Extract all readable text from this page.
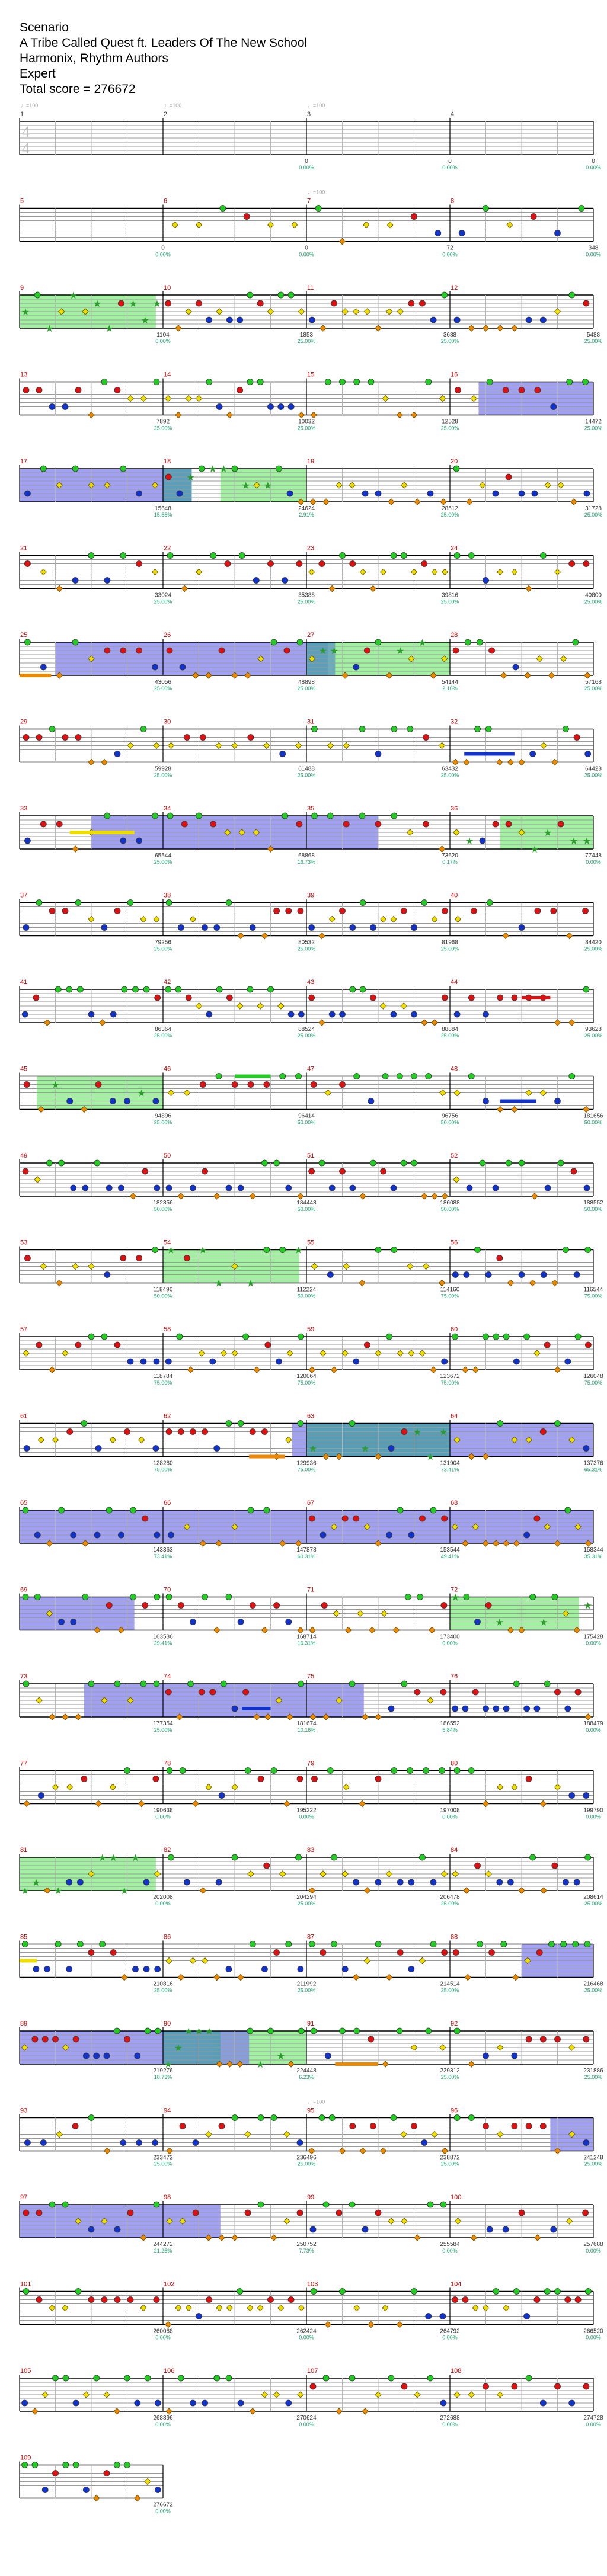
Scenario
A Tribe Called Quest ft. Leaders Of The New School
Harmonix, Rhythm Authors
Expert
Total score = 276672
★
★
★
★
★
★
★
★
★
★ ★
★ ★
★ ★	★
★
★
★
★
★ ★
★
★
★ ★
★ ★
★
★	★
★
★
★
★
★	★
★
★
★
★
★ ★
★
★
★
★
★ ★ ★
★
★
1	2
0
0.00%
3
0
0.00%
4
0
0.00%
5
0
0.00%
6
0
0.00%
7
72
0.00%
8
348
0.00%
9
1104
0.00%
10
1853
25.00%
11
3688
25.00%
12
5488
25.00%
13
7892
25.00%
14
10032
25.00%
15
12528
25.00%
16
14472
25.00%
17
15648
15.55%
18
24624
2.91%
19
28512
25.00%
20
31728
25.00%
21
33024
25.00%
22
35388
25.00%
23
39816
25.00%
24
40800
25.00%
25
43056
25.00%
26
48898
25.00%
27
54144
2.16%
28
57168
25.00%
29
59928
25.00%
30
61488
25.00%
31
63432
25.00%
32
64428
25.00%
33
65544
25.00%
34
68868
16.73%
35
73620
0.17%
36
77448
0.00%
37
79256
25.00%
38
80532
25.00%
39
81968
25.00%
40
84420
25.00%
41
86364
25.00%
42
88524
25.00%
43
88884
25.00%
44
93628
25.00%
45
94896
25.00%
46
96414
50.00%
47
96756
50.00%
48
181656
50.00%
49
182856
50.00%
50
184448
50.00%
51
186088
50.00%
52
188552
50.00%
53
118496
50.00%
54
112224
50.00%
55
114160
75.00%
56
116544
75.00%
57
118784
75.00%
58
120064
75.00%
59
123672
75.00%
60
126048
75.00%
61
128280
75.00%
62
129936
75.00%
63
131904
73.41%
64
137376
65.31%
65
143363
73.41%
66
147878
60.31%
67
153544
49.41%
68
158344
35.31%
69
163536
29.41%
70
168714
16.31%
71
173400
0.00%
72
175428
0.00%
73
177354
25.00%
74
181674
10.16%
75
186552
5.84%
76
188479
0.00%
77
190638
0.00%
78
195222
0.00%
79
197008
0.00%
80
199790
0.00%
81
202008
0.00%
82
204294
25.00%
83
206478
25.00%
84
208614
25.00%
85
210816
25.00%
86
211992
25.00%
87
214514
25.00%
88
216468
25.00%
89
219276
18.73%
90
224448
6.23%
91
229312
25.00%
92
231886
25.00%
93
233472
25.00%
94
236496
25.00%
95
238872
25.00%
96
241248
25.00%
97
244272
21.25%
98
250752
7.73%
99
255584
0.00%
100
257688
0.00%
101
260088
0.00%
102
262424
0.00%
103
264792
0.00%
104
266520
0.00%
105
268896
0.00%
106
270624
0.00%
107
272688
0.00%
108
274728
0.00%
109
276672
0.00%
♩=100	♩=100	♩=100
♩=100
♩=100
4
4
